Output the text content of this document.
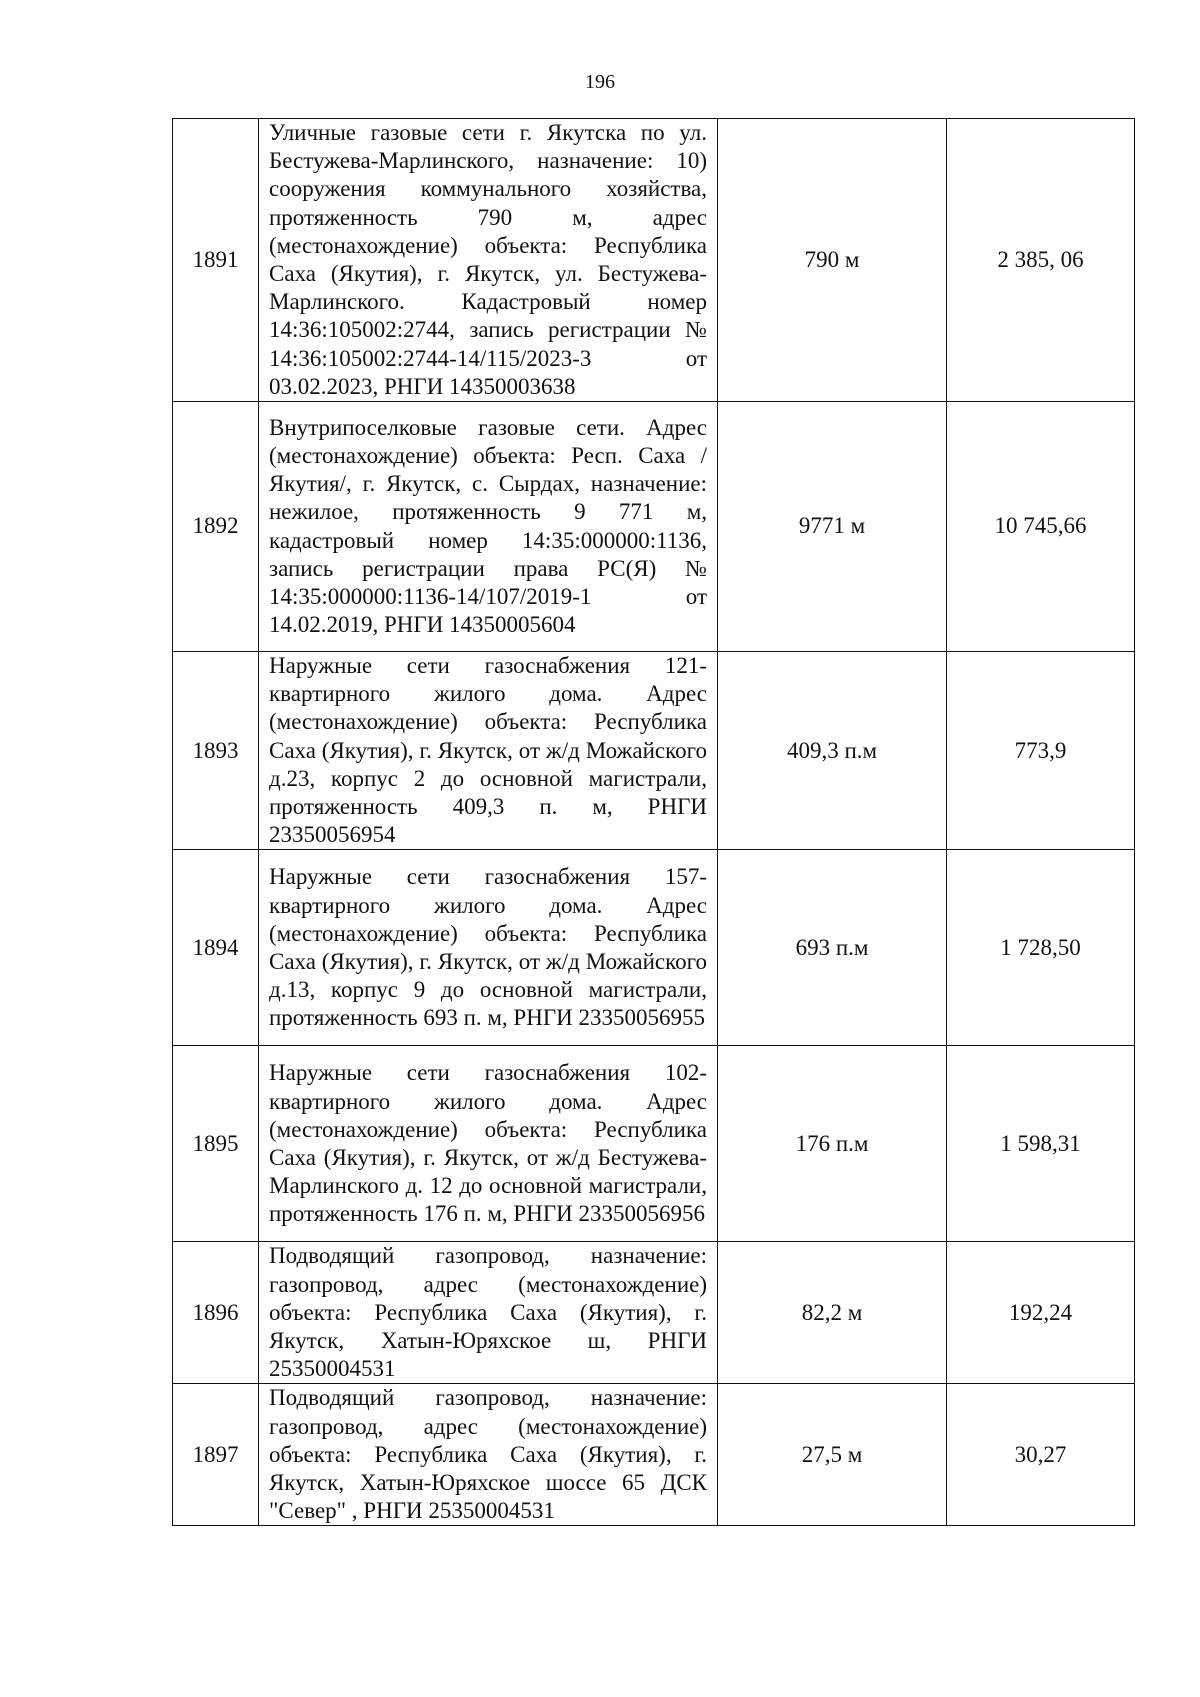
196
1891	Уличные газовые сети г. Якутска по ул. Бестужева-Марлинского, назначение: 10) сооружения коммунального хозяйства, протяженность 790 м, адрес (местонахождение) объекта: Республика Саха (Якутия), г. Якутск, ул. Бестужева-Марлинского. Кадастровый номер 14:36:105002:2744, запись регистрации № 14:36:105002:2744-14/115/2023-3 от 03.02.2023, РНГИ 14350003638	790 м	2 385, 06
1892	Внутрипоселковые газовые сети. Адрес (местонахождение) объекта: Респ. Саха /Якутия/, г. Якутск, с. Сырдах, назначение: нежилое, протяженность 9 771 м, кадастровый номер 14:35:000000:1136, запись регистрации права РС(Я) № 14:35:000000:1136-14/107/2019-1 от 14.02.2019, РНГИ 14350005604	9771 м	10 745,66
1893	Наружные сети газоснабжения 121-квартирного жилого дома. Адрес (местонахождение) объекта: Республика Саха (Якутия), г. Якутск, от ж/д Можайского д.23, корпус 2 до основной магистрали, протяженность 409,3 п. м, РНГИ 23350056954	409,3 п.м	773,9
1894	Наружные сети газоснабжения 157-квартирного жилого дома. Адрес (местонахождение) объекта: Республика Саха (Якутия), г. Якутск, от ж/д Можайского д.13, корпус 9 до основной магистрали, протяженность 693 п. м, РНГИ 23350056955	693 п.м	1 728,50
1895	Наружные сети газоснабжения 102-квартирного жилого дома. Адрес (местонахождение) объекта: Республика Саха (Якутия), г. Якутск, от ж/д Бестужева-Марлинского д. 12 до основной магистрали, протяженность 176 п. м, РНГИ 23350056956	176 п.м	1 598,31
1896	Подводящий газопровод, назначение: газопровод, адрес (местонахождение) объекта: Республика Саха (Якутия), г. Якутск, Хатын-Юряхское ш, РНГИ 25350004531	82,2 м	192,24
1897	Подводящий газопровод, назначение: газопровод, адрес (местонахождение) объекта: Республика Саха (Якутия), г. Якутск, Хатын-Юряхское шоссе 65 ДСК "Север" , РНГИ 25350004531	27,5 м	30,27
